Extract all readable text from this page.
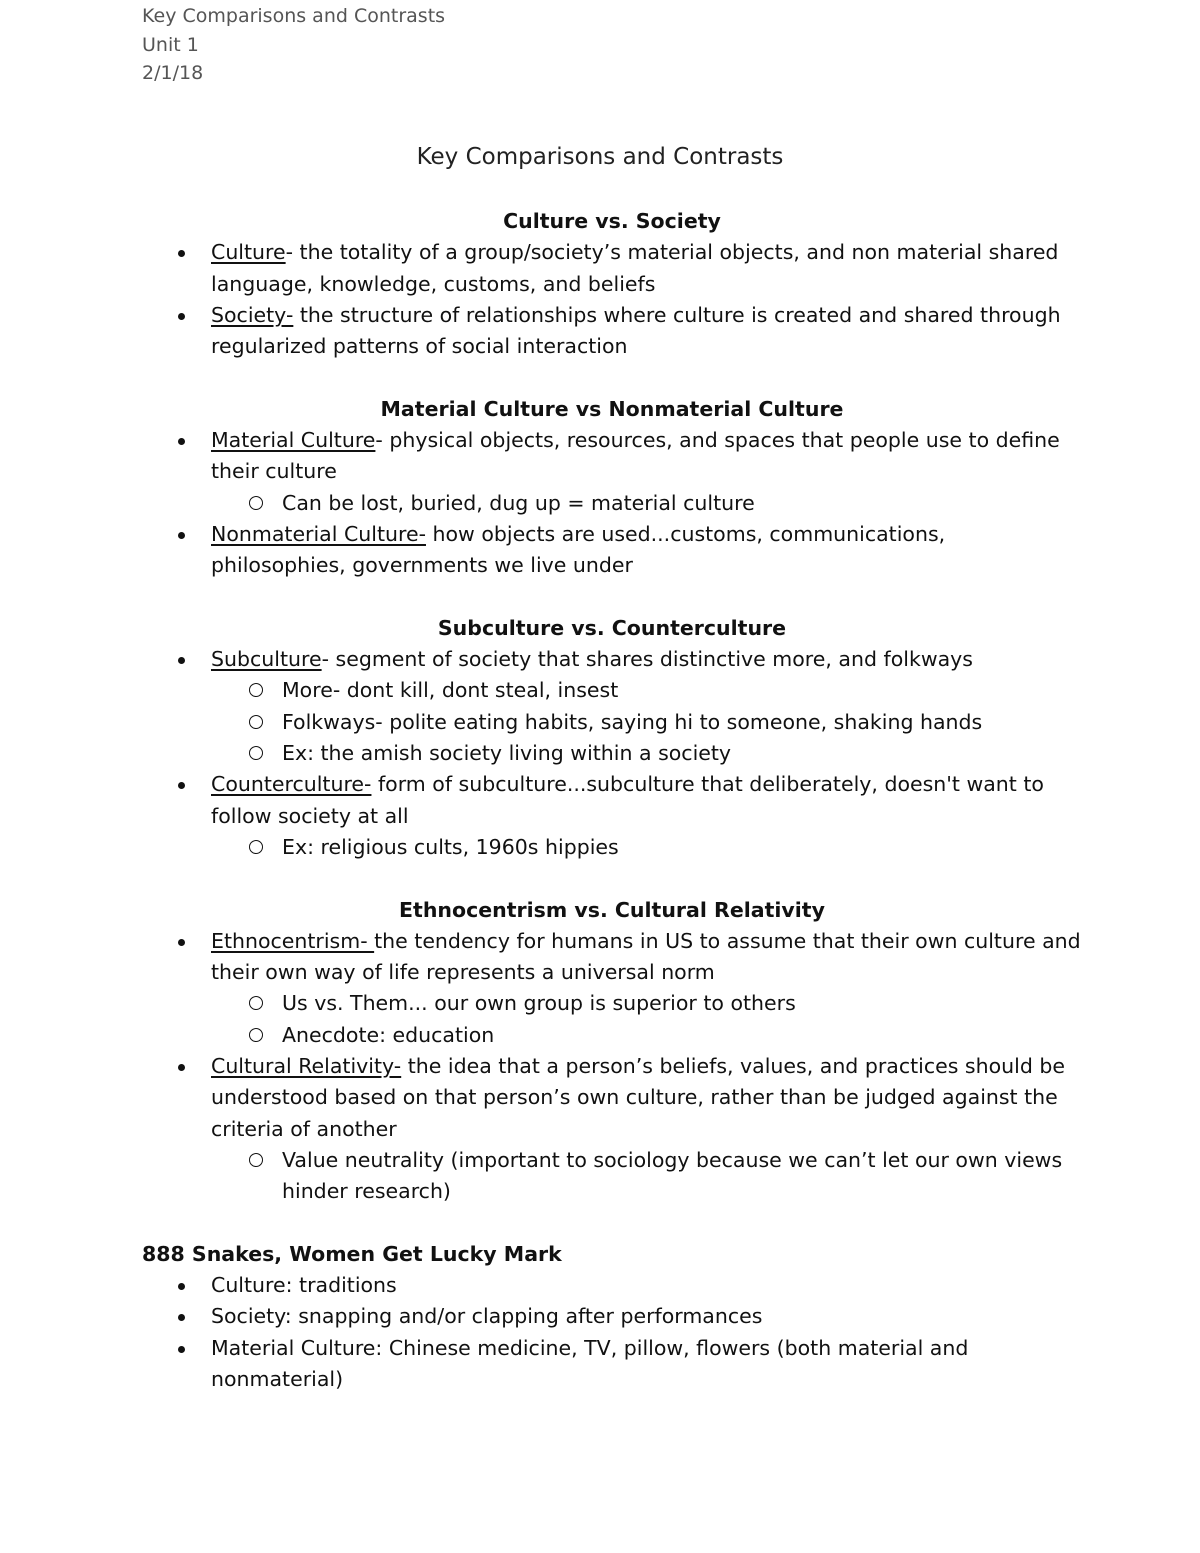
Key Comparisons and Contrasts
Unit 1
2/1/18
Key Comparisons and Contrasts
Culture vs. Society
Culture- the totality of a group/society’s material objects, and non material shared language, knowledge, customs, and beliefs
Society- the structure of relationships where culture is created and shared through regularized patterns of social interaction
Material Culture vs Nonmaterial Culture
Material Culture- physical objects, resources, and spaces that people use to define their culture
Can be lost, buried, dug up = material culture
Nonmaterial Culture- how objects are used...customs, communications, philosophies, governments we live under
Subculture vs. Counterculture
Subculture- segment of society that shares distinctive more, and folkways
More- dont kill, dont steal, insest
Folkways- polite eating habits, saying hi to someone, shaking hands
Ex: the amish society living within a society
Counterculture- form of subculture...subculture that deliberately, doesn't want to follow society at all
Ex: religious cults, 1960s hippies
Ethnocentrism vs. Cultural Relativity
Ethnocentrism- the tendency for humans in US to assume that their own culture and their own way of life represents a universal norm
Us vs. Them... our own group is superior to others
Anecdote: education
Cultural Relativity- the idea that a person’s beliefs, values, and practices should be understood based on that person’s own culture, rather than be judged against the criteria of another
Value neutrality (important to sociology because we can’t let our own views hinder research)
888 Snakes, Women Get Lucky Mark
Culture: traditions
Society: snapping and/or clapping after performances
Material Culture: Chinese medicine, TV, pillow, flowers (both material and nonmaterial)
